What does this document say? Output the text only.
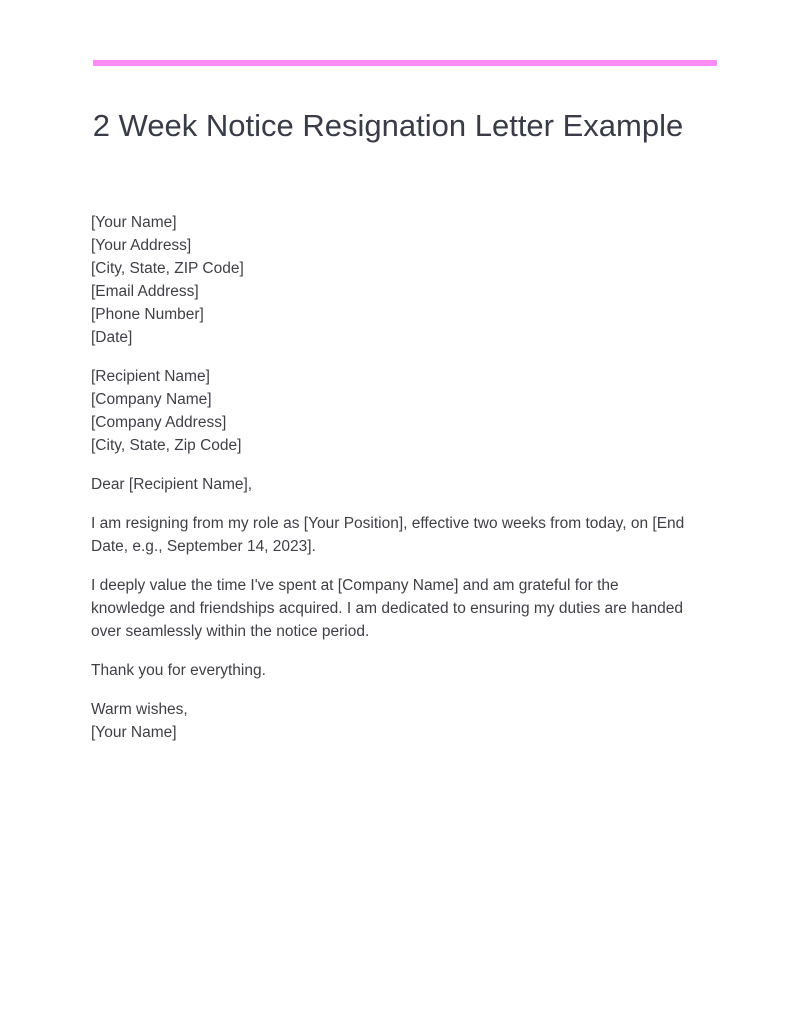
2 Week Notice Resignation Letter Example
[Your Name]
[Your Address]
[City, State, ZIP Code]
[Email Address]
[Phone Number]
[Date]
[Recipient Name]
[Company Name]
[Company Address]
[City, State, Zip Code]

Dear [Recipient Name],

I am resigning from my role as [Your Position], effective two weeks from today, on [End Date, e.g., September 14, 2023].

I deeply value the time I've spent at [Company Name] and am grateful for the knowledge and friendships acquired. I am dedicated to ensuring my duties are handed over seamlessly within the notice period.

Thank you for everything.

Warm wishes,
[Your Name]
